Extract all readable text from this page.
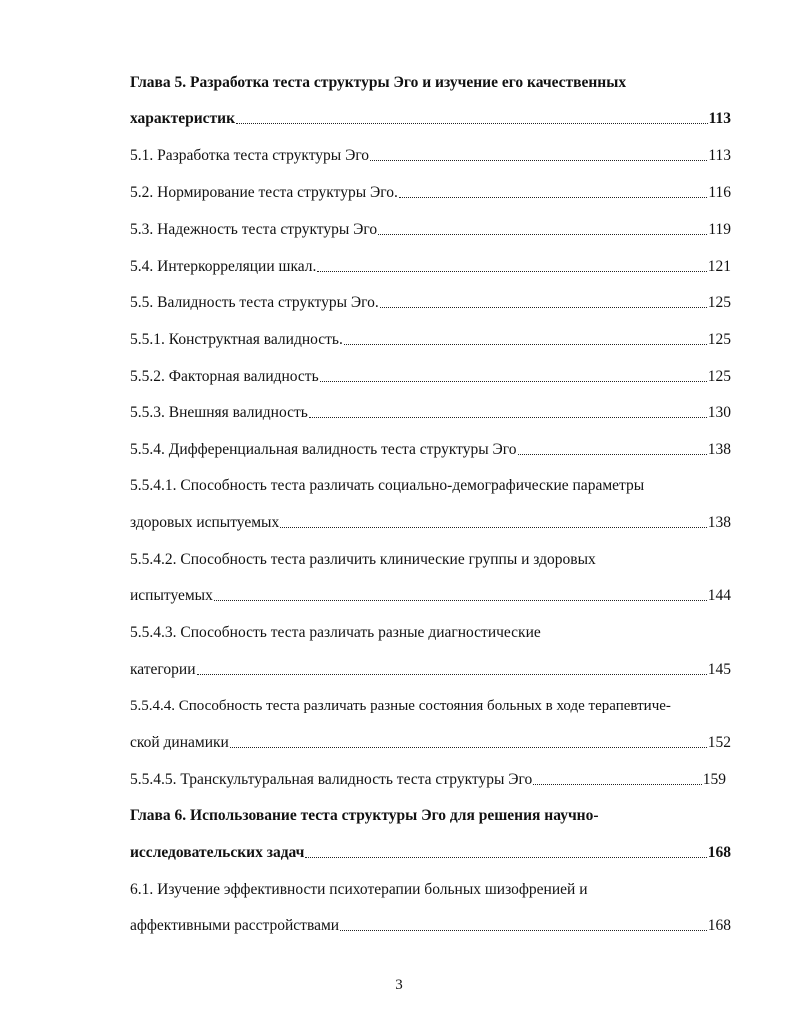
Глава 5. Разработка теста структуры Эго и изучение его качественных
характеристик	113
5.1. Разработка теста структуры Эго	113
5.2. Нормирование теста структуры Эго.	116
5.3. Надежность теста структуры Эго	119
5.4. Интеркорреляции шкал.	121
5.5. Валидность теста структуры Эго.	125
5.5.1. Конструктная валидность.	125
5.5.2. Факторная валидность	125
5.5.3. Внешняя валидность	130
5.5.4. Дифференциальная валидность теста структуры Эго	138
5.5.4.1. Способность теста различать социально-демографические параметры
здоровых испытуемых	138
5.5.4.2. Способность теста различить клинические группы и здоровых
испытуемых	144
5.5.4.3. Способность теста различать разные диагностические
категории	145
5.5.4.4. Способность теста различать разные состояния больных в ходе терапевтиче-
ской динамики	152
5.5.4.5. Транскультуральная валидность теста структуры Эго	159
Глава 6. Использование теста структуры Эго для решения научно-
исследовательских задач	168
6.1. Изучение эффективности психотерапии больных шизофренией и
аффективными расстройствами	168
3
